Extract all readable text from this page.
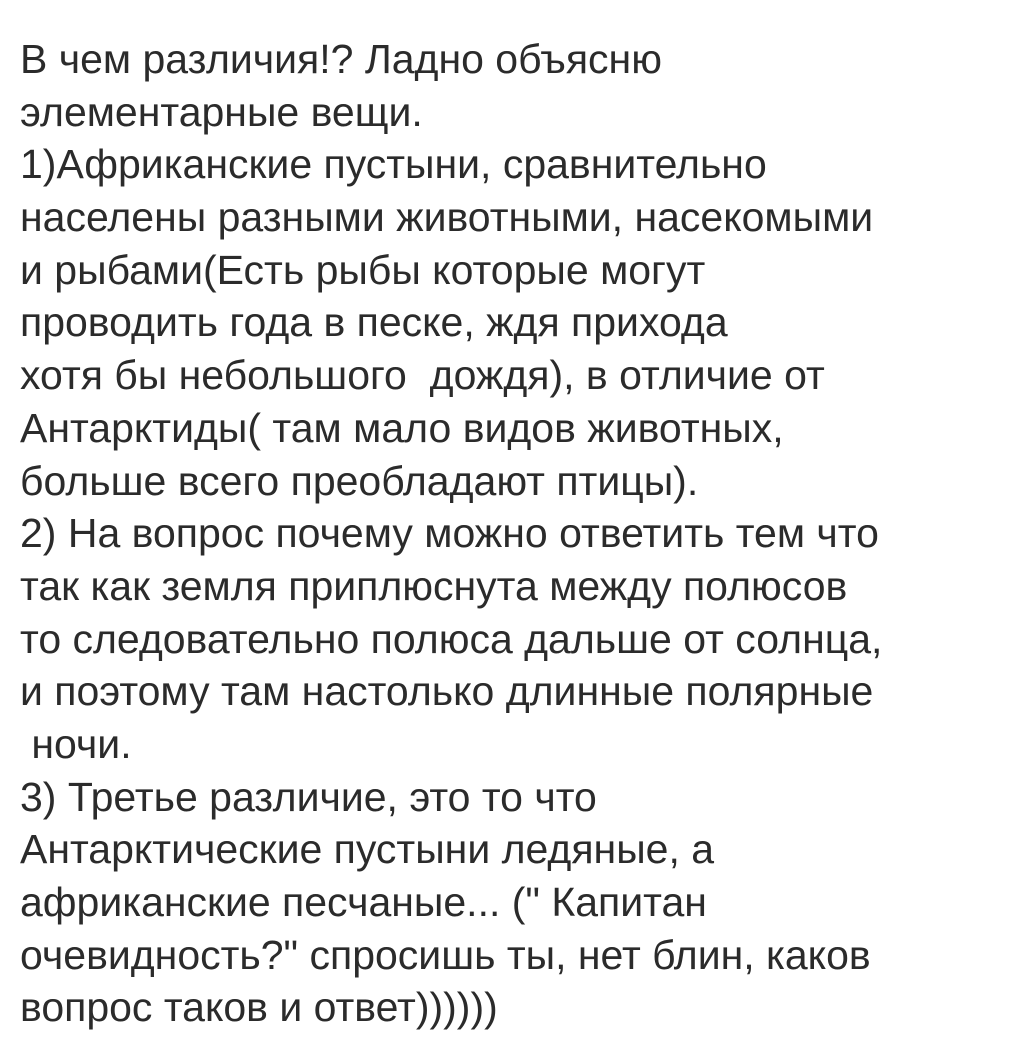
В чем различия!? Ладно объясню
элементарные вещи.
1)Африканские пустыни, сравнительно
населены разными животными, насекомыми
и рыбами(Есть рыбы которые могут
проводить года в песке, ждя прихода
хотя бы небольшого  дождя), в отличие от
Антарктиды( там мало видов животных,
больше всего преобладают птицы).
2) На вопрос почему можно ответить тем что
так как земля приплюснута между полюсов
то следовательно полюса дальше от солнца,
и поэтому там настолько длинные полярные
ночи.
3) Третье различие, это то что
Антарктические пустыни ледяные, а
африканские песчаные... (" Капитан
очевидность?" спросишь ты, нет блин, каков
вопрос таков и ответ))))))
